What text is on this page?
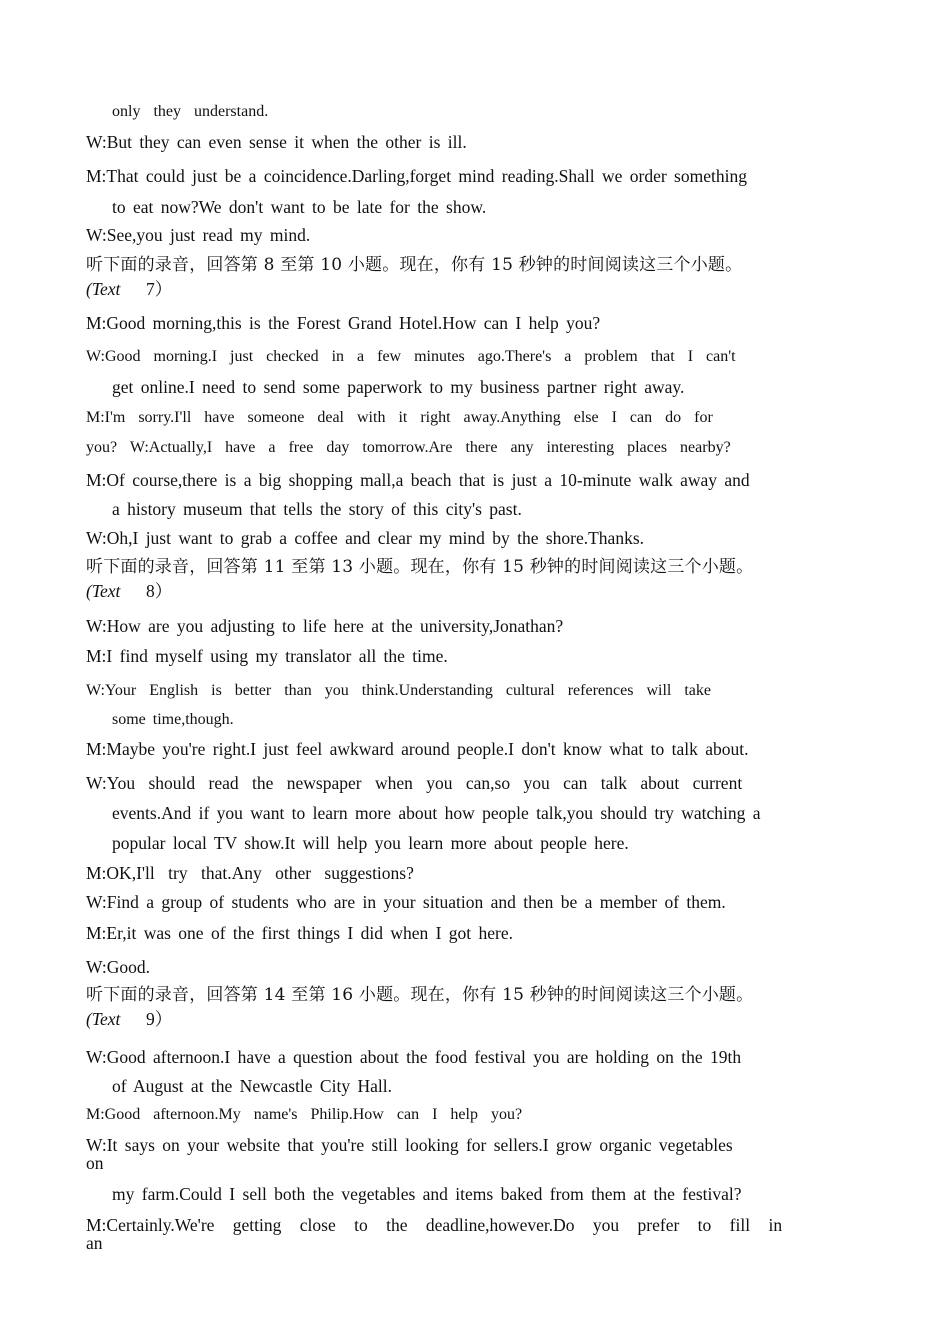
only they understand.
W:But they can even sense it when the other is ill.
M:That could just be a coincidence.Darling,forget mind reading.Shall we order something
to eat now?We don't want to be late for the show.
W:See,you just read my mind.
听下面的录音，回答第 8 至第 10 小题。现在，你有 15 秒钟的时间阅读这三个小题。
(Text 7）
M:Good morning,this is the Forest Grand Hotel.How can I help you?
W:Good morning.I just checked in a few minutes ago.There's a problem that I can't
get online.I need to send some paperwork to my business partner right away.
M:I'm sorry.I'll have someone deal with it right away.Anything else I can do for
you? W:Actually,I have a free day tomorrow.Are there any interesting places nearby?
M:Of course,there is a big shopping mall,a beach that is just a 10-minute walk away and
a history museum that tells the story of this city's past.
W:Oh,I just want to grab a coffee and clear my mind by the shore.Thanks.
听下面的录音，回答第 11 至第 13 小题。现在，你有 15 秒钟的时间阅读这三个小题。
(Text 8）
W:How are you adjusting to life here at the university,Jonathan?
M:I find myself using my translator all the time.
W:Your English is better than you think.Understanding cultural references will take
some time,though.
M:Maybe you're right.I just feel awkward around people.I don't know what to talk about.
W:You should read the newspaper when you can,so you can talk about current
events.And if you want to learn more about how people talk,you should try watching a
popular local TV show.It will help you learn more about people here.
M:OK,I'll try that.Any other suggestions?
W:Find a group of students who are in your situation and then be a member of them.
M:Er,it was one of the first things I did when I got here.
W:Good.
听下面的录音，回答第 14 至第 16 小题。现在，你有 15 秒钟的时间阅读这三个小题。
(Text 9）
W:Good afternoon.I have a question about the food festival you are holding on the 19th
of August at the Newcastle City Hall.
M:Good afternoon.My name's Philip.How can I help you?
W:It says on your website that you're still looking for sellers.I grow organic vegetables
on
my farm.Could I sell both the vegetables and items baked from them at the festival?
M:Certainly.We're getting close to the deadline,however.Do you prefer to fill in
an
